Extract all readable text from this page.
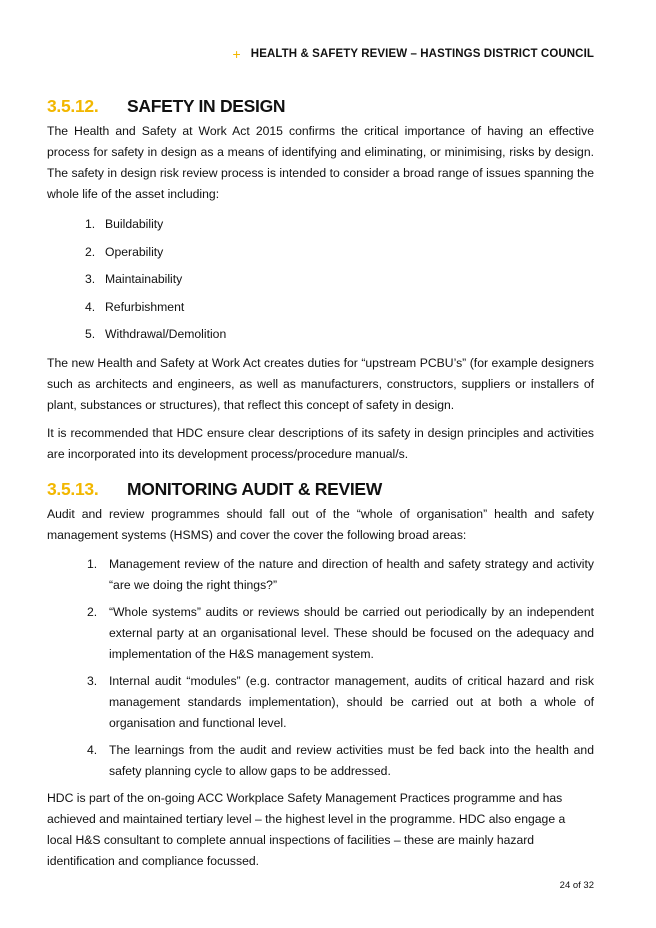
+ HEALTH & SAFETY REVIEW – HASTINGS DISTRICT COUNCIL
3.5.12.	SAFETY IN DESIGN

The Health and Safety at Work Act 2015 confirms the critical importance of having an effective process for safety in design as a means of identifying and eliminating, or minimising, risks by design. The safety in design risk review process is intended to consider a broad range of issues spanning the whole life of the asset including:

1. Buildability
2. Operability
3. Maintainability
4. Refurbishment
5. Withdrawal/Demolition

The new Health and Safety at Work Act creates duties for “upstream PCBU’s” (for example designers such as architects and engineers, as well as manufacturers, constructors, suppliers or installers of plant, substances or structures), that reflect this concept of safety in design.

It is recommended that HDC ensure clear descriptions of its safety in design principles and activities are incorporated into its development process/procedure manual/s.

3.5.13.	MONITORING AUDIT & REVIEW

Audit and review programmes should fall out of the “whole of organisation” health and safety management systems (HSMS) and cover the cover the following broad areas:

1. Management review of the nature and direction of health and safety strategy and activity “are we doing the right things?”
2. “Whole systems” audits or reviews should be carried out periodically by an independent external party at an organisational level. These should be focused on the adequacy and implementation of the H&S management system.
3. Internal audit “modules” (e.g. contractor management, audits of critical hazard and risk management standards implementation), should be carried out at both a whole of organisation and functional level.
4. The learnings from the audit and review activities must be fed back into the health and safety planning cycle to allow gaps to be addressed.

HDC is part of the on-going ACC Workplace Safety Management Practices programme and has achieved and maintained tertiary level – the highest level in the programme. HDC also engage a local H&S consultant to complete annual inspections of facilities – these are mainly hazard identification and compliance focussed.

24 of 32
